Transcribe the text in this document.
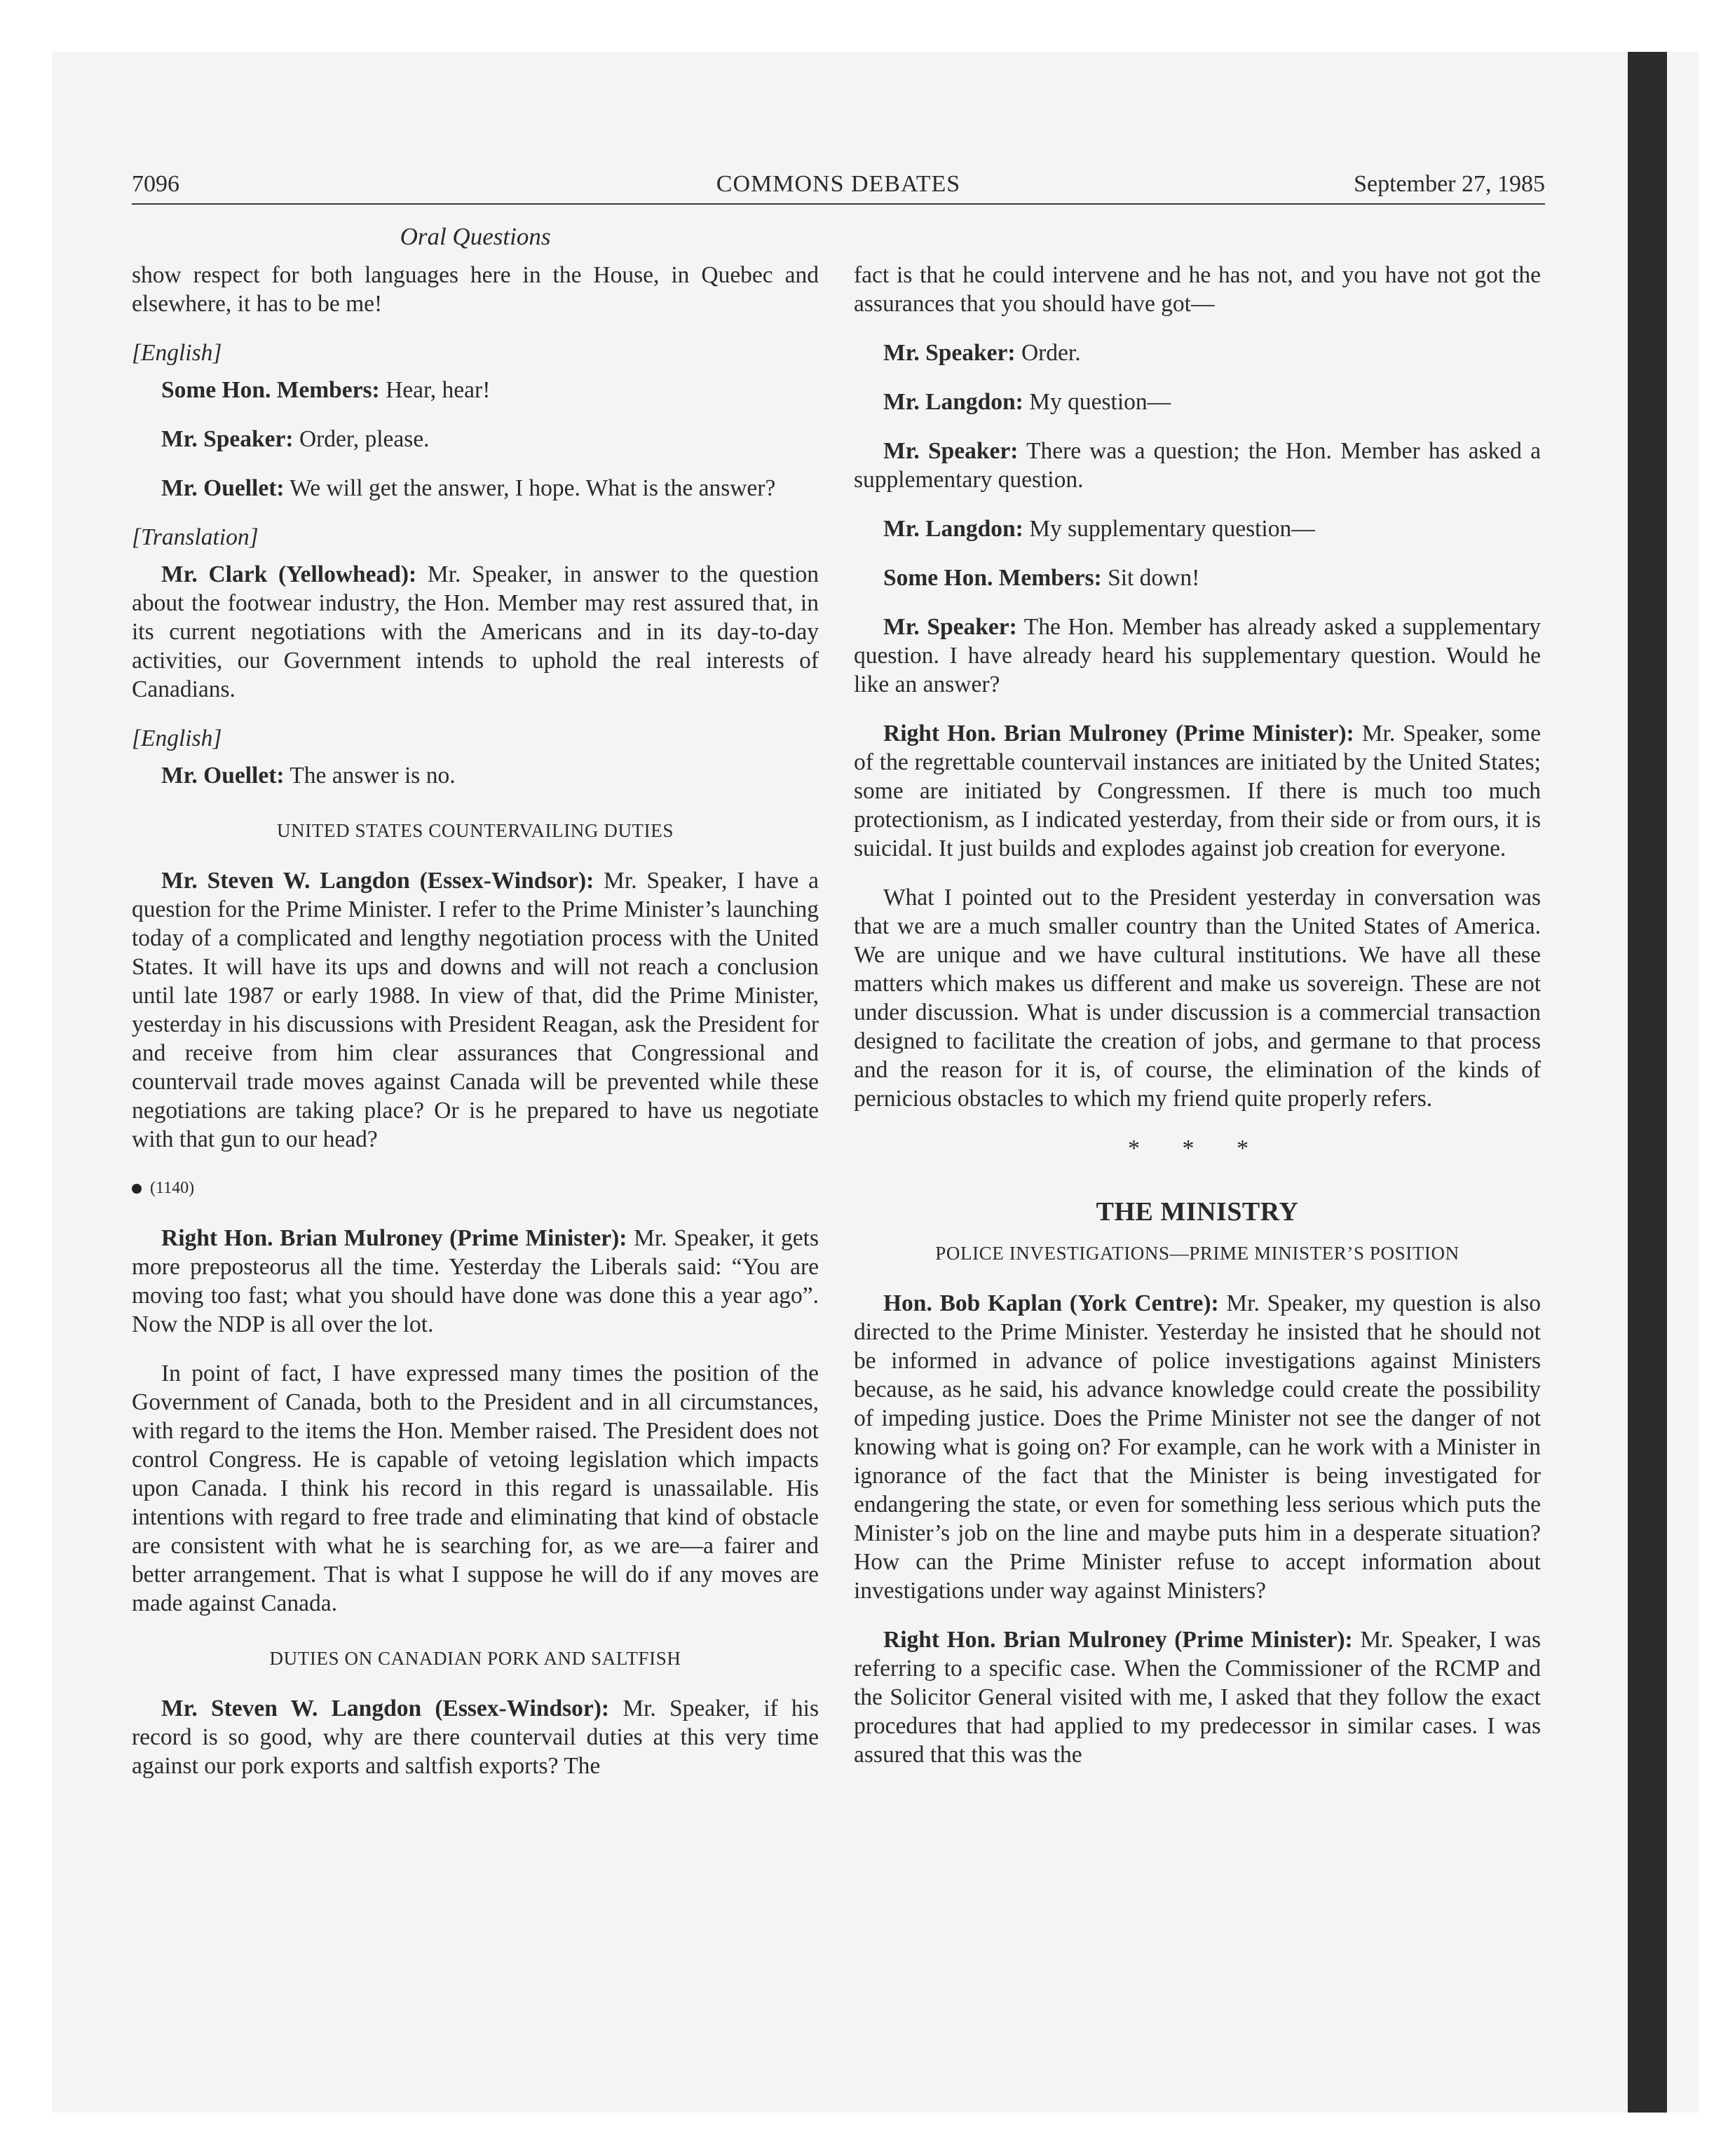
7096	COMMONS DEBATES	September 27, 1985
Oral Questions

show respect for both languages here in the House, in Quebec and elsewhere, it has to be me!

[English]

Some Hon. Members: Hear, hear!

Mr. Speaker: Order, please.

Mr. Ouellet: We will get the answer, I hope. What is the answer?

[Translation]

Mr. Clark (Yellowhead): Mr. Speaker, in answer to the question about the footwear industry, the Hon. Member may rest assured that, in its current negotiations with the Americans and in its day-to-day activities, our Government intends to uphold the real interests of Canadians.

[English]

Mr. Ouellet: The answer is no.

UNITED STATES COUNTERVAILING DUTIES

Mr. Steven W. Langdon (Essex-Windsor): Mr. Speaker, I have a question for the Prime Minister. I refer to the Prime Minister’s launching today of a complicated and lengthy negotiation process with the United States. It will have its ups and downs and will not reach a conclusion until late 1987 or early 1988. In view of that, did the Prime Minister, yesterday in his discussions with President Reagan, ask the President for and receive from him clear assurances that Congressional and countervail trade moves against Canada will be prevented while these negotiations are taking place? Or is he prepared to have us negotiate with that gun to our head?

(1140)

Right Hon. Brian Mulroney (Prime Minister): Mr. Speaker, it gets more preposteorus all the time. Yesterday the Liberals said: “You are moving too fast; what you should have done was done this a year ago”. Now the NDP is all over the lot.

In point of fact, I have expressed many times the position of the Government of Canada, both to the President and in all circumstances, with regard to the items the Hon. Member raised. The President does not control Congress. He is capable of vetoing legislation which impacts upon Canada. I think his record in this regard is unassailable. His intentions with regard to free trade and eliminating that kind of obstacle are consistent with what he is searching for, as we are—a fairer and better arrangement. That is what I suppose he will do if any moves are made against Canada.

DUTIES ON CANADIAN PORK AND SALTFISH

Mr. Steven W. Langdon (Essex-Windsor): Mr. Speaker, if his record is so good, why are there countervail duties at this very time against our pork exports and saltfish exports? The

fact is that he could intervene and he has not, and you have not got the assurances that you should have got—

Mr. Speaker: Order.

Mr. Langdon: My question—

Mr. Speaker: There was a question; the Hon. Member has asked a supplementary question.

Mr. Langdon: My supplementary question—

Some Hon. Members: Sit down!

Mr. Speaker: The Hon. Member has already asked a supplementary question. I have already heard his supplementary question. Would he like an answer?

Right Hon. Brian Mulroney (Prime Minister): Mr. Speaker, some of the regrettable countervail instances are initiated by the United States; some are initiated by Congressmen. If there is much too much protectionism, as I indicated yesterday, from their side or from ours, it is suicidal. It just builds and explodes against job creation for everyone.

What I pointed out to the President yesterday in conversation was that we are a much smaller country than the United States of America. We are unique and we have cultural institutions. We have all these matters which makes us different and make us sovereign. These are not under discussion. What is under discussion is a commercial transaction designed to facilitate the creation of jobs, and germane to that process and the reason for it is, of course, the elimination of the kinds of pernicious obstacles to which my friend quite properly refers.

* * *

THE MINISTRY

POLICE INVESTIGATIONS—PRIME MINISTER’S POSITION

Hon. Bob Kaplan (York Centre): Mr. Speaker, my question is also directed to the Prime Minister. Yesterday he insisted that he should not be informed in advance of police investigations against Ministers because, as he said, his advance knowledge could create the possibility of impeding justice. Does the Prime Minister not see the danger of not knowing what is going on? For example, can he work with a Minister in ignorance of the fact that the Minister is being investigated for endangering the state, or even for something less serious which puts the Minister’s job on the line and maybe puts him in a desperate situation? How can the Prime Minister refuse to accept information about investigations under way against Ministers?

Right Hon. Brian Mulroney (Prime Minister): Mr. Speaker, I was referring to a specific case. When the Commissioner of the RCMP and the Solicitor General visited with me, I asked that they follow the exact procedures that had applied to my predecessor in similar cases. I was assured that this was the
